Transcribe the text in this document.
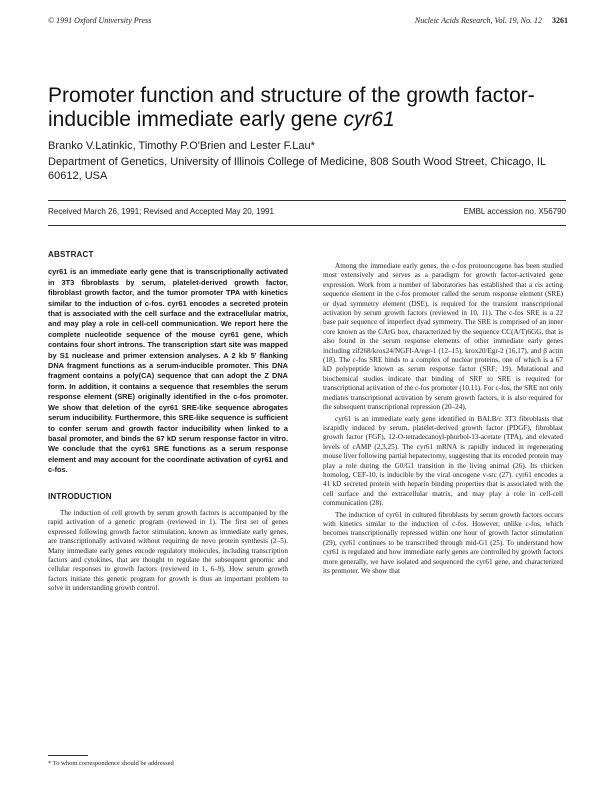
© 1991 Oxford University Press	Nucleic Acids Research, Vol. 19, No. 12 3261
Promoter function and structure of the growth factor-inducible immediate early gene cyr61
Branko V.Latinkic, Timothy P.O'Brien and Lester F.Lau*
Department of Genetics, University of Illinois College of Medicine, 808 South Wood Street, Chicago, IL 60612, USA
Received March 26, 1991; Revised and Accepted May 20, 1991	EMBL accession no. X56790
ABSTRACT

cyr61 is an immediate early gene that is transcriptionally activated in 3T3 fibroblasts by serum, platelet-derived growth factor, fibroblast growth factor, and the tumor promoter TPA with kinetics similar to the induction of c-fos. cyr61 encodes a secreted protein that is associated with the cell surface and the extracellular matrix, and may play a role in cell-cell communication. We report here the complete nucleotide sequence of the mouse cyr61 gene, which contains four short introns. The transcription start site was mapped by S1 nuclease and primer extension analyses. A 2 kb 5' flanking DNA fragment functions as a serum-inducible promoter. This DNA fragment contains a poly(CA) sequence that can adopt the Z DNA form. In addition, it contains a sequence that resembles the serum response element (SRE) originally identified in the c-fos promoter. We show that deletion of the cyr61 SRE-like sequence abrogates serum inducibility. Furthermore, this SRE-like sequence is sufficient to confer serum and growth factor inducibility when linked to a basal promoter, and binds the 67 kD serum response factor in vitro. We conclude that the cyr61 SRE functions as a serum response element and may account for the coordinate activation of cyr61 and c-fos.

INTRODUCTION

The induction of cell growth by serum growth factors is accompanied by the rapid activation of a genetic program (reviewed in 1). The first set of genes expressed following growth factor stimulation, known as immediate early genes, are transcriptionally activated without requiring de novo protein synthesis (2–5). Many immediate early genes encode regulatory molecules, including transcription factors and cytokines, that are thought to regulate the subsequent genomic and cellular responses to growth factors (reviewed in 1, 6–9). How serum growth factors initiate this genetic program for growth is thus an important problem to solve in understanding growth control.

Among the immediate early genes, the c-fos protooncogene has been studied most extensively and serves as a paradigm for growth factor-activated gene expression. Work from a number of laboratories has established that a cis acting sequence element in the c-fos promoter called the serum response element (SRE) or dyad symmetry element (DSE), is required for the transient transcriptional activation by serum growth factors (reviewed in 10, 11). The c-fos SRE is a 22 base pair sequence of imperfect dyad symmetry. The SRE is comprised of an inner core known as the CArG box, characterized by the sequence CC(A/T)6GG, that is also found in the serum response elements of other immediate early genes including zif268/krox24/NGFI-A/egr-1 (12–15), krox20/Egr-2 (16,17), and β actin (18). The c-fos SRE binds to a complex of nuclear proteins, one of which is a 67 kD polypeptide known as serum response factor (SRF; 19). Mutational and biochemical studies indicate that binding of SRF to SRE is required for transcriptional activation of the c-fos promoter (10,11). For c-fos, the SRE not only mediates transcriptional activation by serum growth factors, it is also required for the subsequent transcriptional repression (20–24).

cyr61 is an immediate early gene identified in BALB/c 3T3 fibroblasts that israpidly induced by serum, platelet-derived growth factor (PDGF), fibroblast growth factor (FGF), 12-O-tetradecanoyl-phorbol-13-acetate (TPA), and elevated levels of cAMP (2,3,25). The cyr61 mRNA is rapidly induced in regenerating mouse liver following partial hepatectomy, suggesting that its encoded protein may play a role during the G0/G1 transition in the living animal (26). Its chicken homolog, CEF-10, is inducible by the viral oncogene v-src (27). cyr61 encodes a 41 kD secreted protein with heparin binding properties that is associated with the cell surface and the extracellular matrix, and may play a role in cell-cell communication (28).

The induction of cyr61 in cultured fibroblasts by serum growth factors occurs with kinetics similar to the induction of c-fos. However, unlike c-fos, which becomes transcriptionally repressed within one hour of growth factor stimulation (29), cyr61 continues to be transcribed through mid-G1 (25). To understand how cyr61 is regulated and how immediate early genes are controlled by growth factors more generally, we have isolated and sequenced the cyr61 gene, and characterized its promoter. We show that

* To whom correspondence should be addressed
